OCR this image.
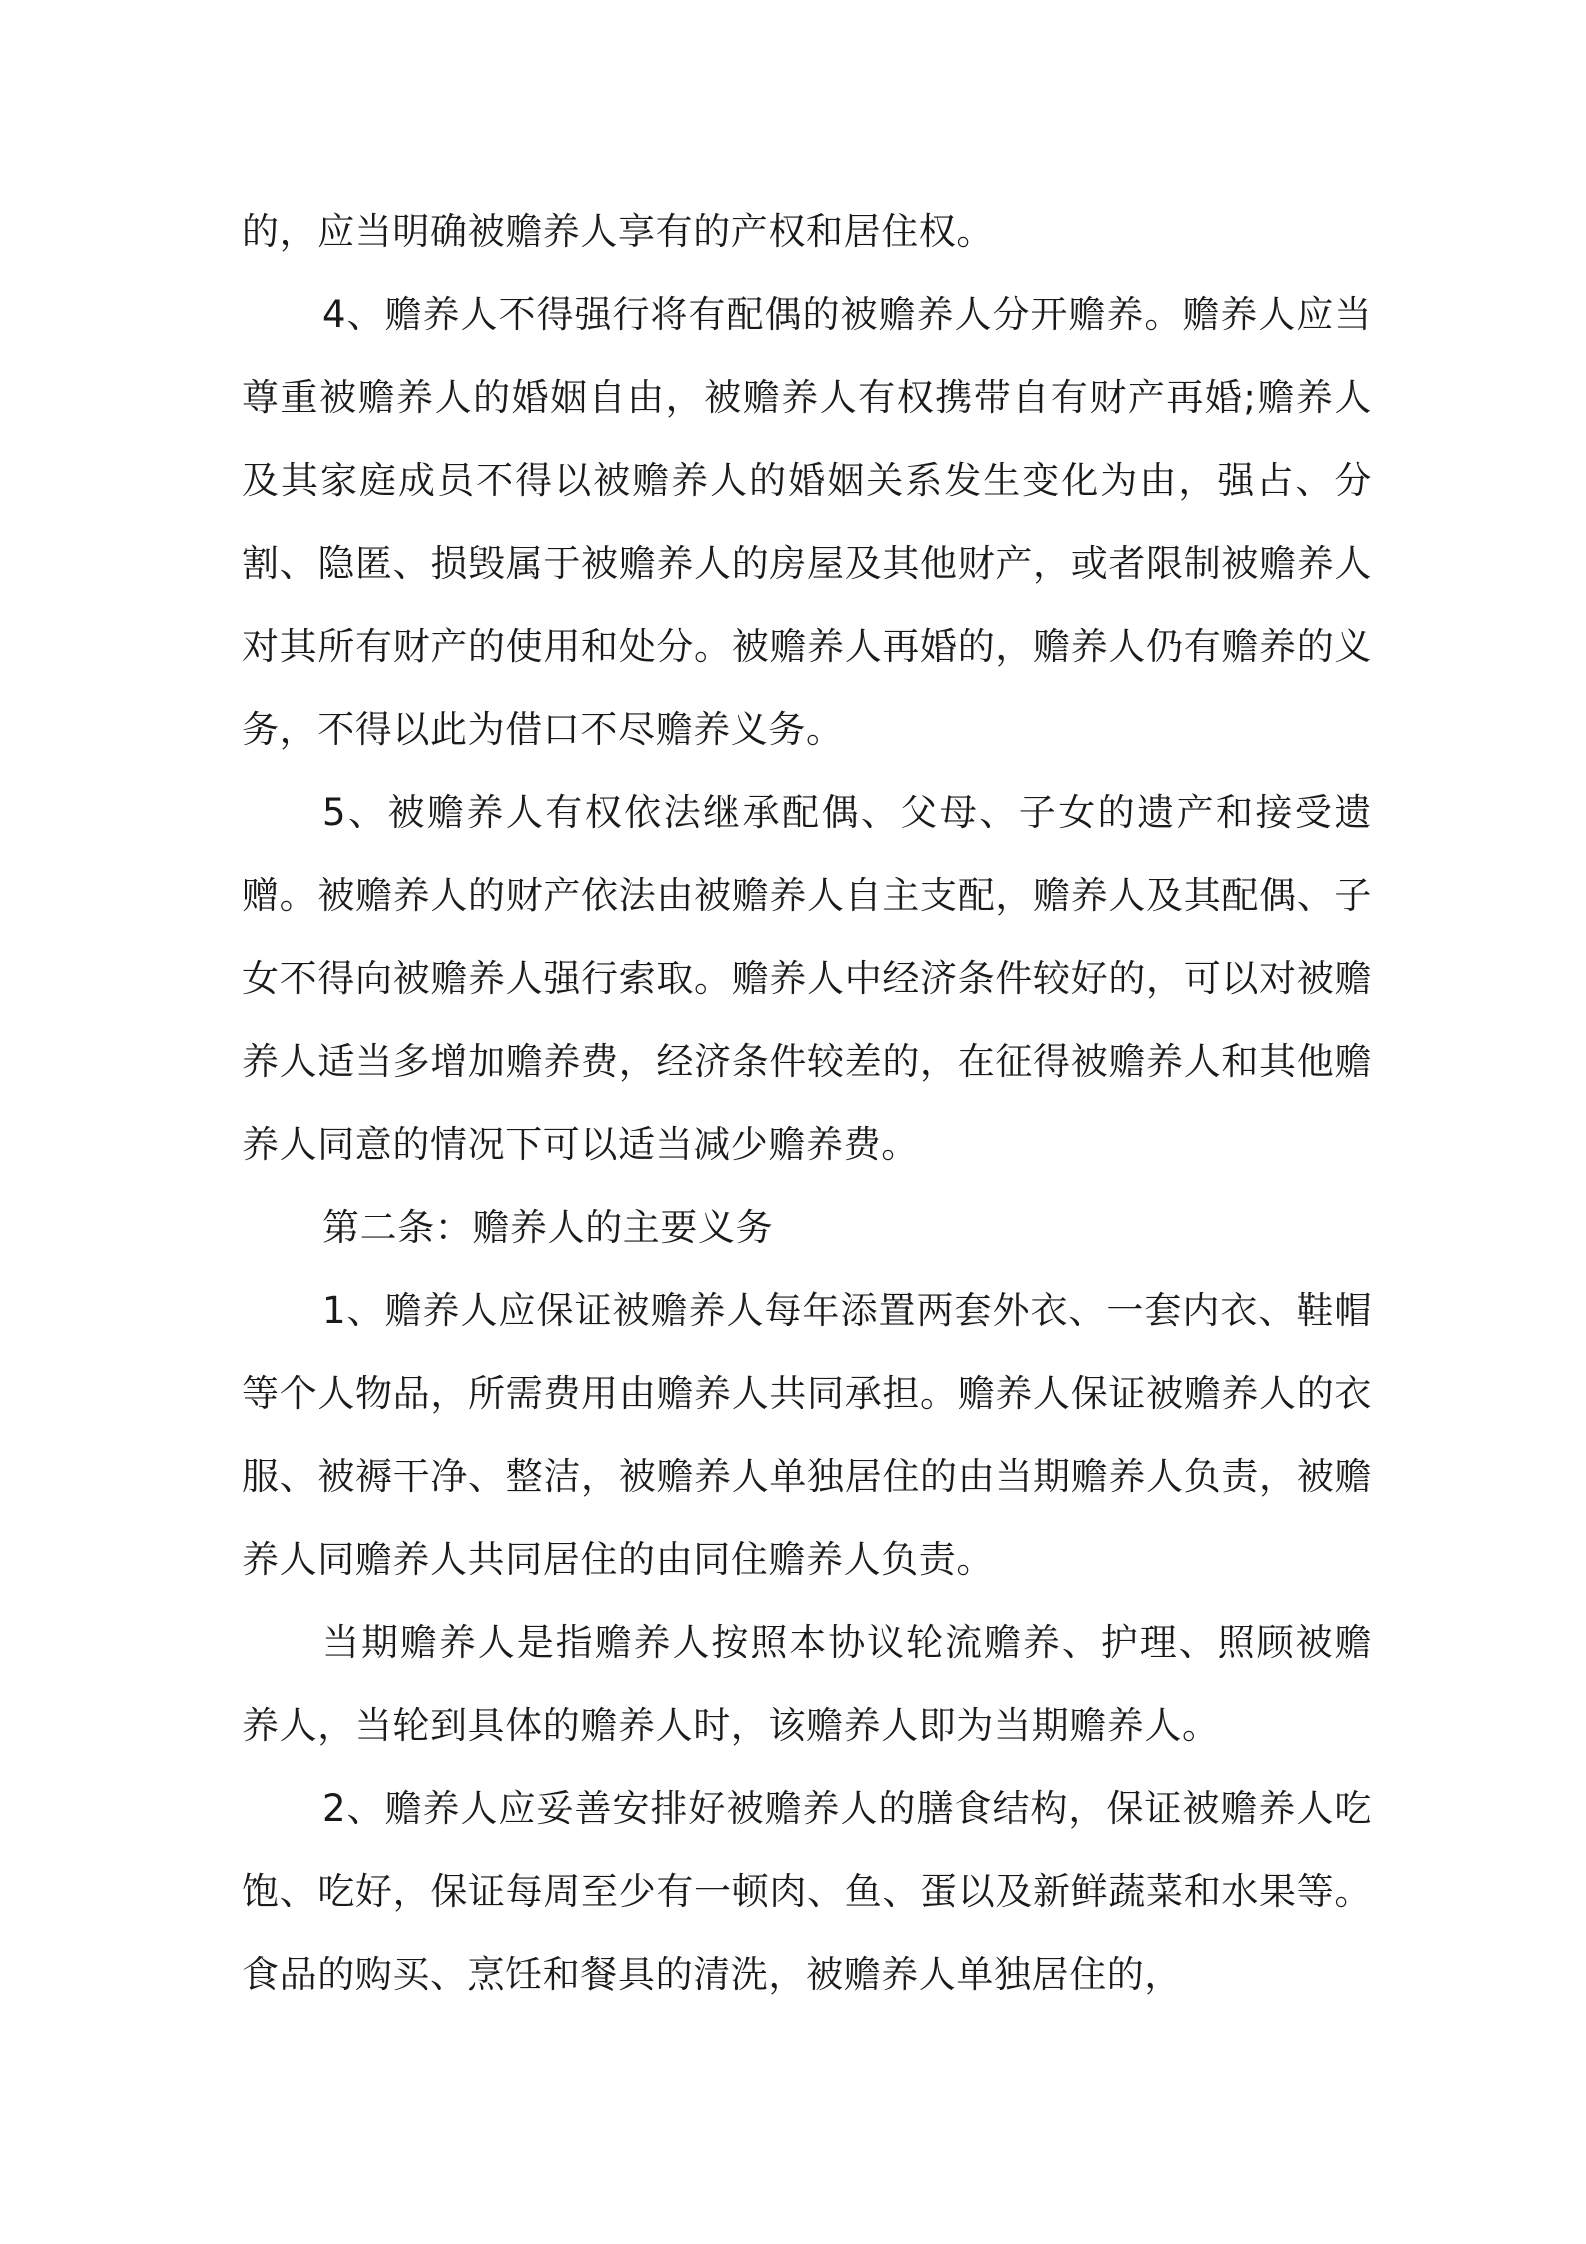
的，应当明确被赡养人享有的产权和居住权。

4、赡养人不得强行将有配偶的被赡养人分开赡养。赡养人应当尊重被赡养人的婚姻自由，被赡养人有权携带自有财产再婚;赡养人及其家庭成员不得以被赡养人的婚姻关系发生变化为由，强占、分割、隐匿、损毁属于被赡养人的房屋及其他财产，或者限制被赡养人对其所有财产的使用和处分。被赡养人再婚的，赡养人仍有赡养的义务，不得以此为借口不尽赡养义务。

5、被赡养人有权依法继承配偶、父母、子女的遗产和接受遗赠。被赡养人的财产依法由被赡养人自主支配，赡养人及其配偶、子女不得向被赡养人强行索取。赡养人中经济条件较好的，可以对被赡养人适当多增加赡养费，经济条件较差的，在征得被赡养人和其他赡养人同意的情况下可以适当减少赡养费。

第二条：赡养人的主要义务

1、赡养人应保证被赡养人每年添置两套外衣、一套内衣、鞋帽等个人物品，所需费用由赡养人共同承担。赡养人保证被赡养人的衣服、被褥干净、整洁，被赡养人单独居住的由当期赡养人负责，被赡养人同赡养人共同居住的由同住赡养人负责。

当期赡养人是指赡养人按照本协议轮流赡养、护理、照顾被赡养人，当轮到具体的赡养人时，该赡养人即为当期赡养人。

2、赡养人应妥善安排好被赡养人的膳食结构，保证被赡养人吃饱、吃好，保证每周至少有一顿肉、鱼、蛋以及新鲜蔬菜和水果等。食品的购买、烹饪和餐具的清洗，被赡养人单独居住的，
